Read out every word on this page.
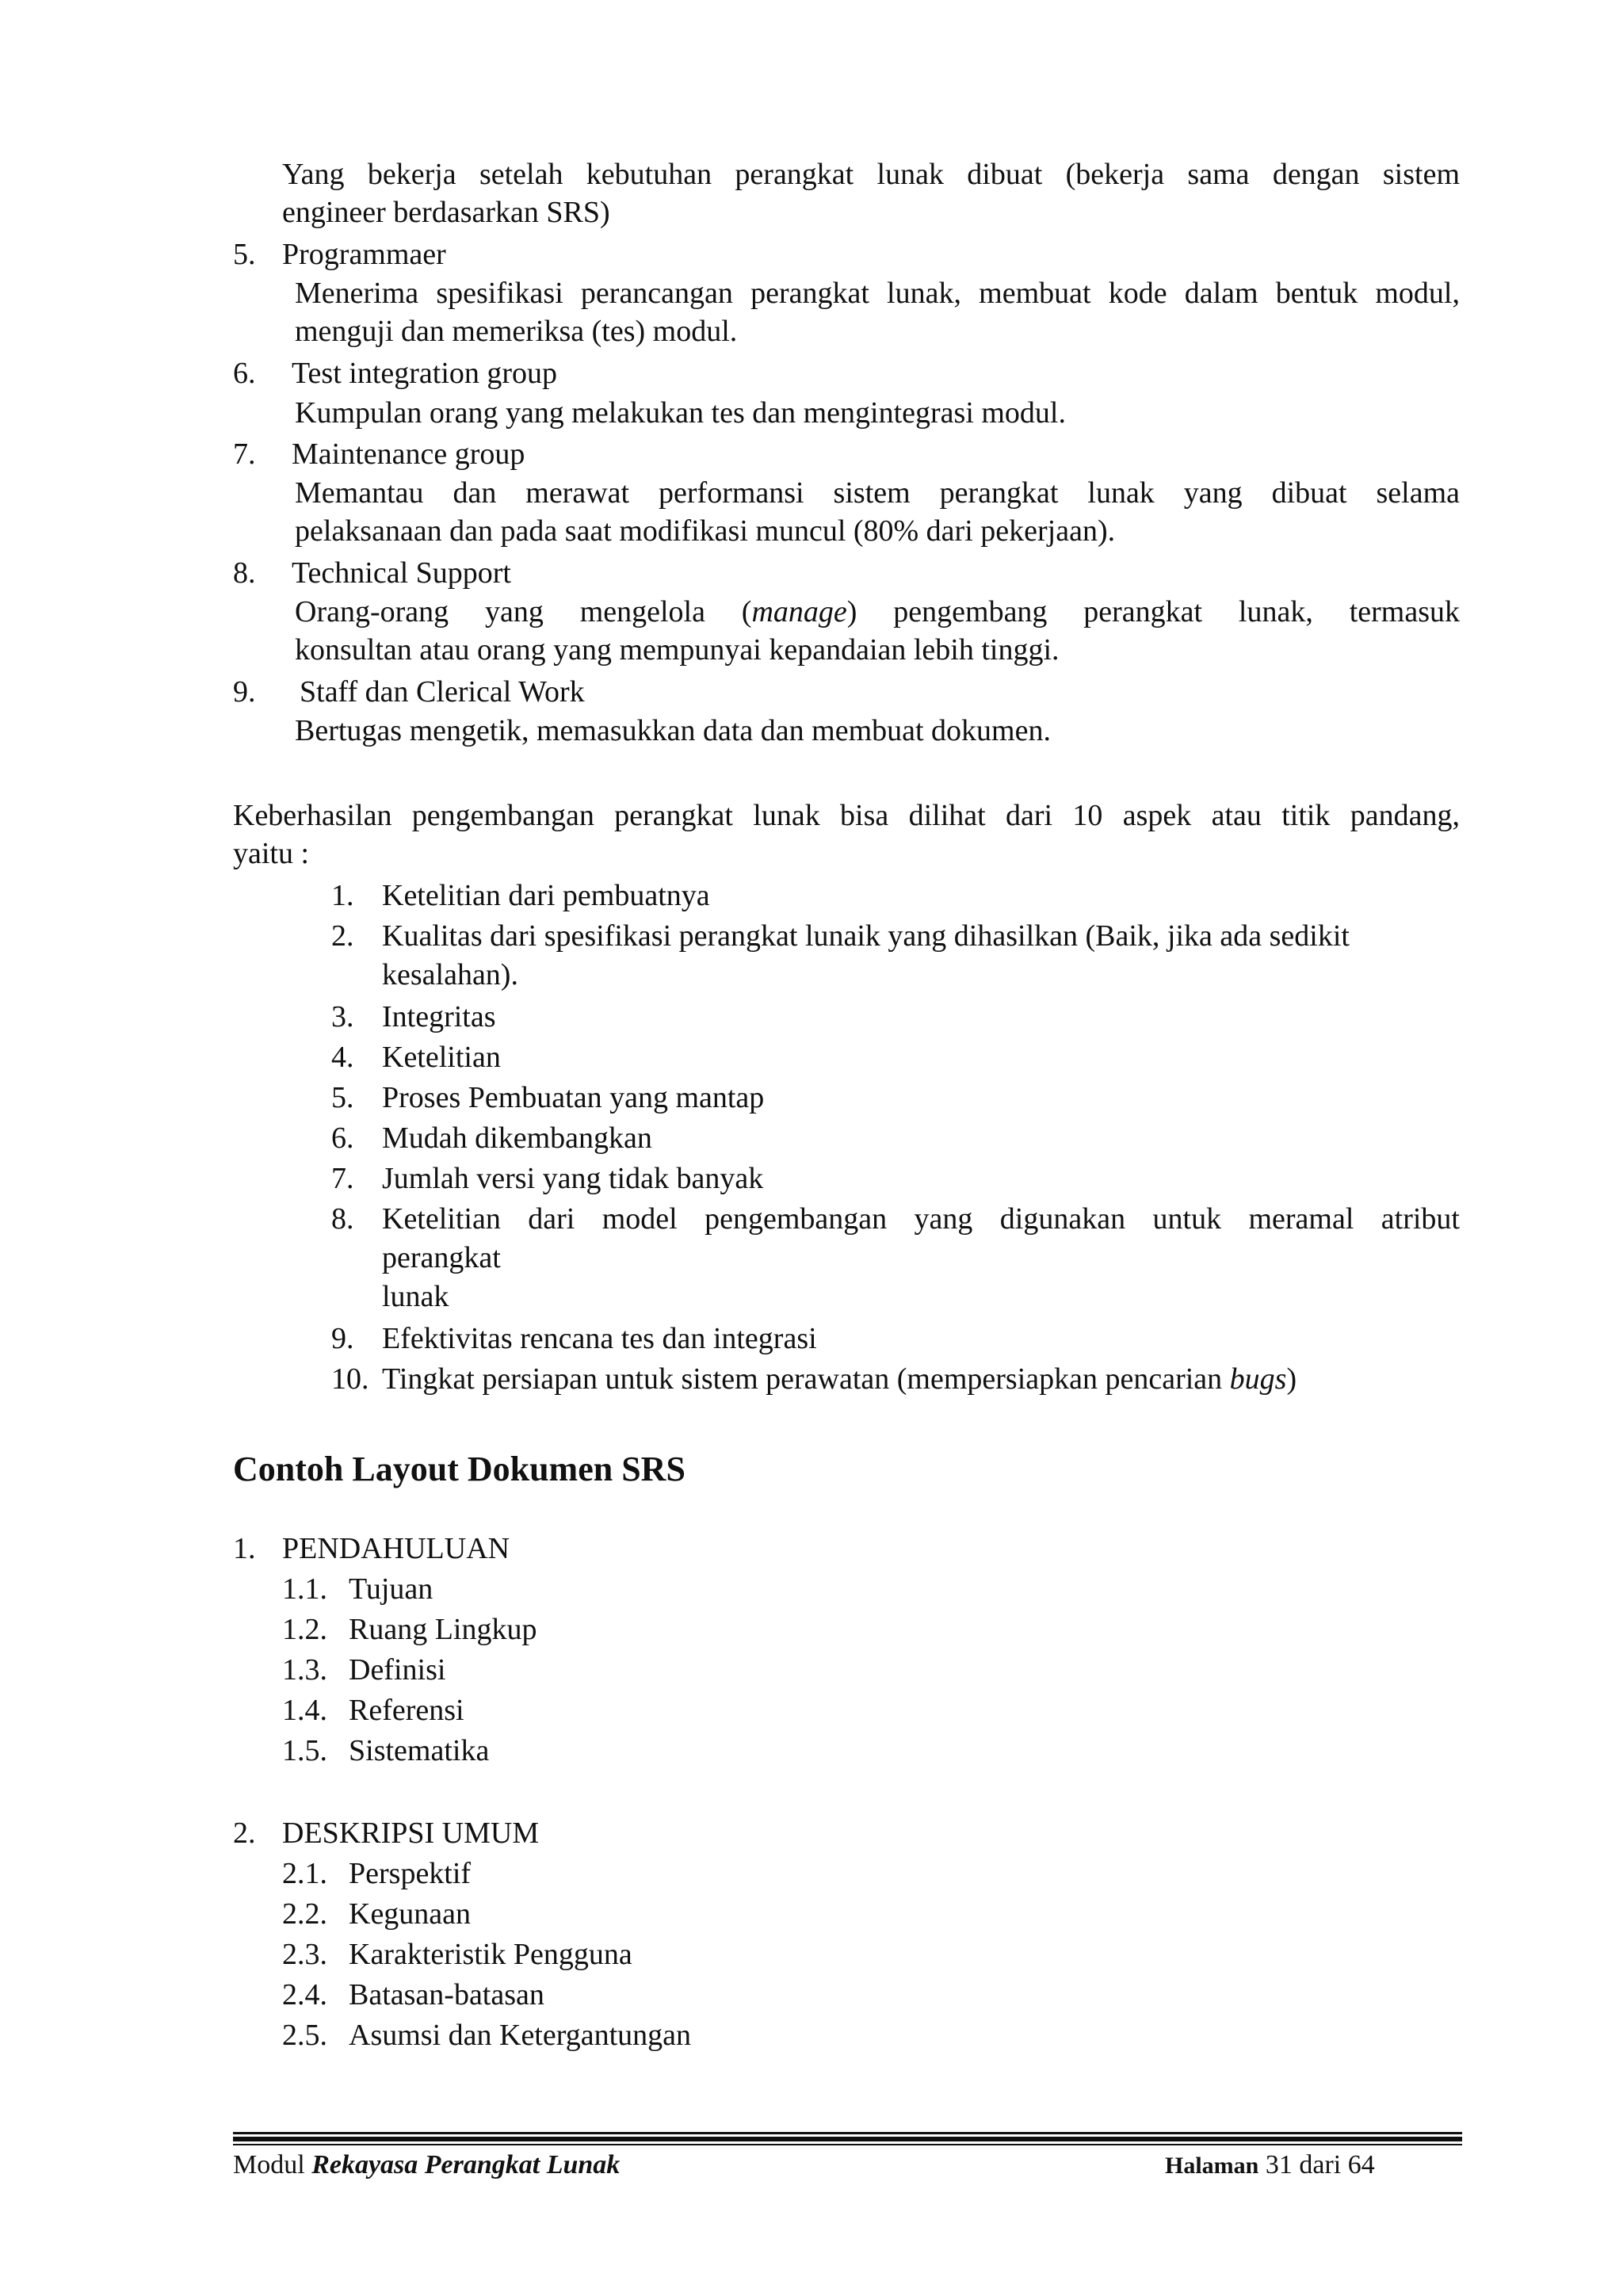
Yang bekerja setelah kebutuhan perangkat lunak dibuat (bekerja sama dengan sistem
engineer berdasarkan SRS)
5. Programmaer
Menerima spesifikasi perancangan perangkat lunak, membuat kode dalam bentuk modul,
menguji dan memeriksa (tes) modul.
6. Test integration group
Kumpulan orang yang melakukan tes dan mengintegrasi modul.
7. Maintenance group
Memantau dan merawat performansi sistem perangkat lunak yang dibuat selama
pelaksanaan dan pada saat modifikasi muncul (80% dari pekerjaan).
8. Technical Support
Orang-orang yang mengelola (manage) pengembang perangkat lunak, termasuk
konsultan atau orang yang mempunyai kepandaian lebih tinggi.
9. Staff dan Clerical Work
Bertugas mengetik, memasukkan data dan membuat dokumen.
Keberhasilan pengembangan perangkat lunak bisa dilihat dari 10 aspek atau titik pandang,
yaitu :
1. Ketelitian dari pembuatnya
2. Kualitas dari spesifikasi perangkat lunaik yang dihasilkan (Baik, jika ada sedikit
kesalahan).
3. Integritas
4. Ketelitian
5. Proses Pembuatan yang mantap
6. Mudah dikembangkan
7. Jumlah versi yang tidak banyak
8. Ketelitian dari model pengembangan yang digunakan untuk meramal atribut
perangkat
lunak
9. Efektivitas rencana tes dan integrasi
10. Tingkat persiapan untuk sistem perawatan (mempersiapkan pencarian bugs)
Contoh Layout Dokumen SRS
1. PENDAHULUAN
1.1. Tujuan
1.2. Ruang Lingkup
1.3. Definisi
1.4. Referensi
1.5. Sistematika
2. DESKRIPSI UMUM
2.1. Perspektif
2.2. Kegunaan
2.3. Karakteristik Pengguna
2.4. Batasan-batasan
2.5. Asumsi dan Ketergantungan
Modul Rekayasa Perangkat Lunak	Halaman 31 dari 64
